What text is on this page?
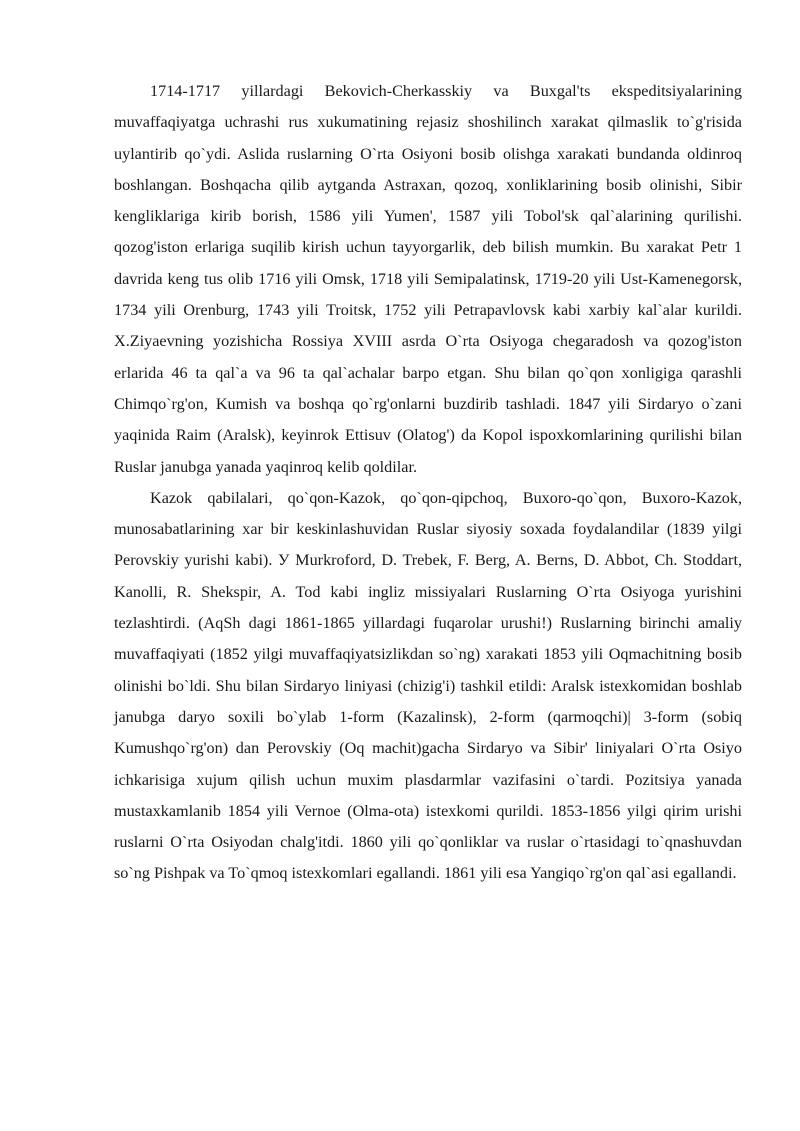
1714-1717 yillardagi Bekovich-Cherkasskiy va Buxgal'ts ekspeditsiyalarining muvaffaqiyatga uchrashi rus xukumatining rejasiz shoshilinch xarakat qilmaslik to`g'risida uylantirib qo`ydi. Aslida ruslarning O`rta Osiyoni bosib olishga xarakati bundanda oldinroq boshlangan. Boshqacha qilib aytganda Astraxan, qozoq, xonliklarining bosib olinishi, Sibir kengliklariga kirib borish, 1586 yili Yumen', 1587 yili Tobol'sk qal`alarining qurilishi. qozog'iston erlariga suqilib kirish uchun tayyorgarlik, deb bilish mumkin. Bu xarakat Petr 1 davrida keng tus olib 1716 yili Omsk, 1718 yili Semipalatinsk, 1719-20 yili Ust-Kamenegorsk, 1734 yili Orenburg, 1743 yili Troitsk, 1752 yili Petrapavlovsk kabi xarbiy kal`alar kurildi. X.Ziyaevning yozishicha Rossiya XVIII asrda O`rta Osiyoga chegaradosh va qozog'iston erlarida 46 ta qal`a va 96 ta qal`achalar barpo etgan. Shu bilan qo`qon xonligiga qarashli Chimqo`rg'on, Kumish va boshqa qo`rg'onlarni buzdirib tashladi. 1847 yili Sirdaryo o`zani yaqinida Raim (Aralsk), keyinrok Ettisuv (Olatog') da Kopol ispoxkomlarining qurilishi bilan Ruslar janubga yanada yaqinroq kelib qoldilar.

Kazok qabilalari, qo`qon-Kazok, qo`qon-qipchoq, Buxoro-qo`qon, Buxoro-Kazok, munosabatlarining xar bir keskinlashuvidan Ruslar siyosiy soxada foydalandilar (1839 yilgi Perovskiy yurishi kabi). У Murkroford, D. Trebek, F. Berg, A. Berns, D. Abbot, Ch. Stoddart, Kanolli, R. Shekspir, A. Tod kabi ingliz missiyalari Ruslarning O`rta Osiyoga yurishini tezlashtirdi. (AqSh dagi 1861-1865 yillardagi fuqarolar urushi!) Ruslarning birinchi amaliy muvaffaqiyati (1852 yilgi muvaffaqiyatsizlikdan so`ng) xarakati 1853 yili Oqmachitning bosib olinishi bo`ldi. Shu bilan Sirdaryo liniyasi (chizig'i) tashkil etildi: Aralsk istexkomidan boshlab janubga daryo soxili bo`ylab 1-form (Kazalinsk), 2-form (qarmoqchi)| 3-form (sobiq Kumushqo`rg'on) dan Perovskiy (Oq machit)gacha Sirdaryo va Sibir' liniyalari O`rta Osiyo ichkarisiga xujum qilish uchun muxim plasdarmlar vazifasini o`tardi. Pozitsiya yanada mustaxkamlanib 1854 yili Vernoe (Olma-ota) istexkomi qurildi. 1853-1856 yilgi qirim urishi ruslarni O`rta Osiyodan chalg'itdi. 1860 yili qo`qonliklar va ruslar o`rtasidagi to`qnashuvdan so`ng Pishpak va To`qmoq istexkomlari egallandi. 1861 yili esa Yangiqo`rg'on qal`asi egallandi.
